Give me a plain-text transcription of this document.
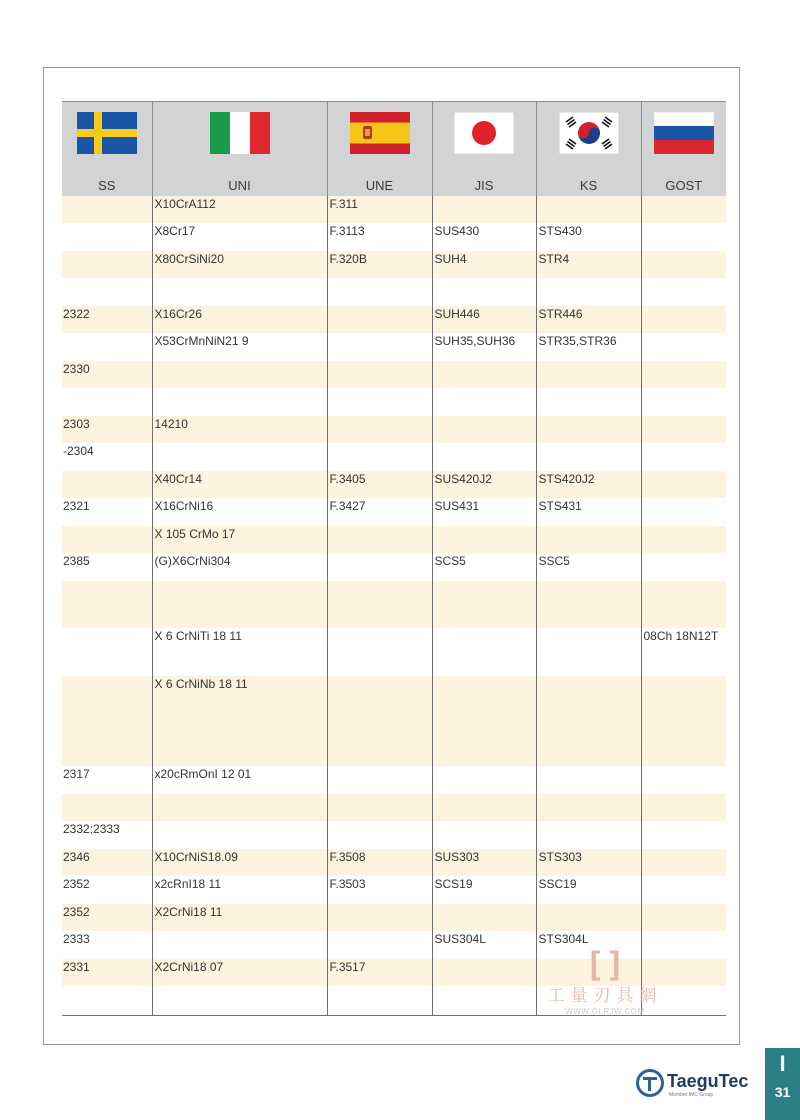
SS	UNI	UNE	JIS	KS	GOST

	X10CrA112	F.311			
	X8Cr17	F.3113	SUS430	STS430	
	X80CrSiNi20	F.320B	SUH4	STR4	

2322	X16Cr26		SUH446	STR446	
	X53CrMnNiN21 9		SUH35,SUH36	STR35,STR36	
2330					

2303	14210				
-2304					
	X40Cr14	F.3405	SUS420J2	STS420J2	
2321	X16CrNi16	F.3427	SUS431	STS431	
	X 105 CrMo 17				
2385	(G)X6CrNi304		SCS5	SSC5	

	X 6 CrNiTi 18 11				08Ch 18N12T
	X 6 CrNiNb 18 11				
2317	x20cRmOnI 12 01				

2332;2333					
2346	X10CrNiS18.09	F.3508	SUS303	STS303	
2352	x2cRnI18 11	F.3503	SCS19	SSC19	
2352	X2CrNi18 11				
2333			SUS304L	STS304L	
2331	X2CrNi18 07	F.3517			
						[ ]
工量刃具網
WWW.GLRJW.COM
TaeguTec
Member IMC Group
I
31
